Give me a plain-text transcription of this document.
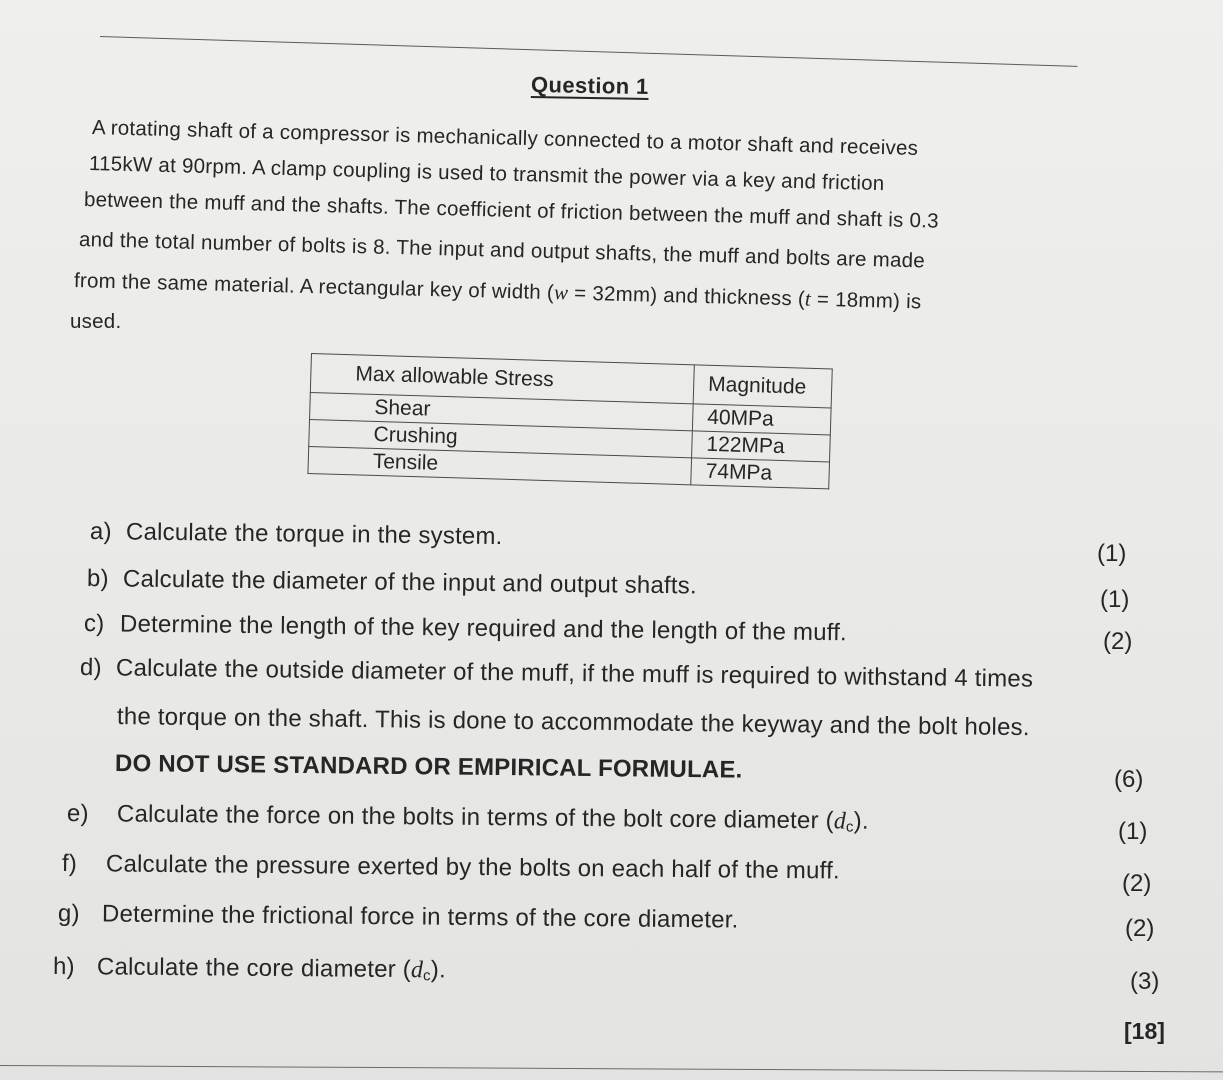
Question 1
A rotating shaft of a compressor is mechanically connected to a motor shaft and receives
115kW at 90rpm. A clamp coupling is used to transmit the power via a key and friction
between the muff and the shafts. The coefficient of friction between the muff and shaft is 0.3
and the total number of bolts is 8. The input and output shafts, the muff and bolts are made
from the same material. A rectangular key of width (w = 32mm) and thickness (t = 18mm) is
used.
Max allowable Stress	Magnitude
Shear	40MPa
Crushing	122MPa
Tensile	74MPa
a) Calculate the torque in the system.
(1)
b) Calculate the diameter of the input and output shafts.
(1)
c) Determine the length of the key required and the length of the muff.	(2)
d) Calculate the outside diameter of the muff, if the muff is required to withstand 4 times
the torque on the shaft. This is done to accommodate the keyway and the bolt holes.
DO NOT USE STANDARD OR EMPIRICAL FORMULAE.	(6)
e) Calculate the force on the bolts in terms of the bolt core diameter $(d_c)$.	(1)
f) Calculate the pressure exerted by the bolts on each half of the muff.	(2)
g) Determine the frictional force in terms of the core diameter.	(2)
h) Calculate the core diameter $(d_c)$.	(3)
[18]
